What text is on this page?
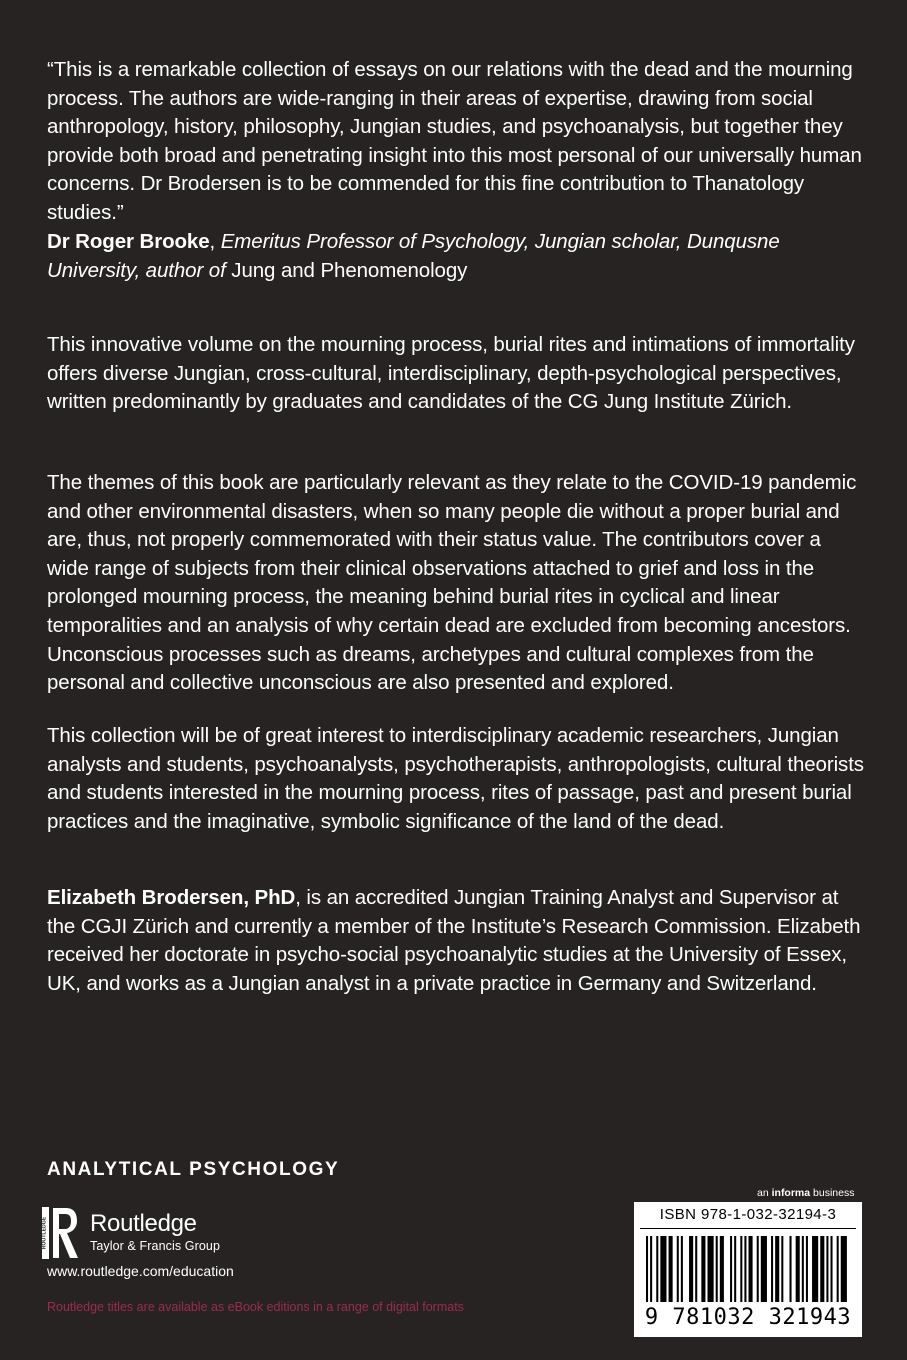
“This is a remarkable collection of essays on our relations with the dead and the mourning process. The authors are wide-ranging in their areas of expertise, drawing from social anthropology, history, philosophy, Jungian studies, and psychoanalysis, but together they provide both broad and penetrating insight into this most personal of our universally human concerns. Dr Brodersen is to be commended for this fine contribution to Thanatology studies.”

Dr Roger Brooke, Emeritus Professor of Psychology, Jungian scholar, Dunqusne University, author of Jung and Phenomenology

This innovative volume on the mourning process, burial rites and intimations of immortality offers diverse Jungian, cross-cultural, interdisciplinary, depth-psychological perspectives, written predominantly by graduates and candidates of the CG Jung Institute Zürich.

The themes of this book are particularly relevant as they relate to the COVID-19 pandemic and other environmental disasters, when so many people die without a proper burial and are, thus, not properly commemorated with their status value. The contributors cover a wide range of subjects from their clinical observations attached to grief and loss in the prolonged mourning process, the meaning behind burial rites in cyclical and linear temporalities and an analysis of why certain dead are excluded from becoming ancestors. Unconscious processes such as dreams, archetypes and cultural complexes from the personal and collective unconscious are also presented and explored.

This collection will be of great interest to interdisciplinary academic researchers, Jungian analysts and students, psychoanalysts, psychotherapists, anthropologists, cultural theorists and students interested in the mourning process, rites of passage, past and present burial practices and the imaginative, symbolic significance of the land of the dead.

Elizabeth Brodersen, PhD, is an accredited Jungian Training Analyst and Supervisor at the CGJI Zürich and currently a member of the Institute’s Research Commission. Elizabeth received her doctorate in psycho-social psychoanalytic studies at the University of Essex, UK, and works as a Jungian analyst in a private practice in Germany and Switzerland.

ANALYTICAL PSYCHOLOGY

ROUTLEDGE Routledge
Taylor & Francis Group
www.routledge.com/education
Routledge titles are available as eBook editions in a range of digital formats
an informa business
ISBN 978-1-032-32194-3
9 781032 321943
